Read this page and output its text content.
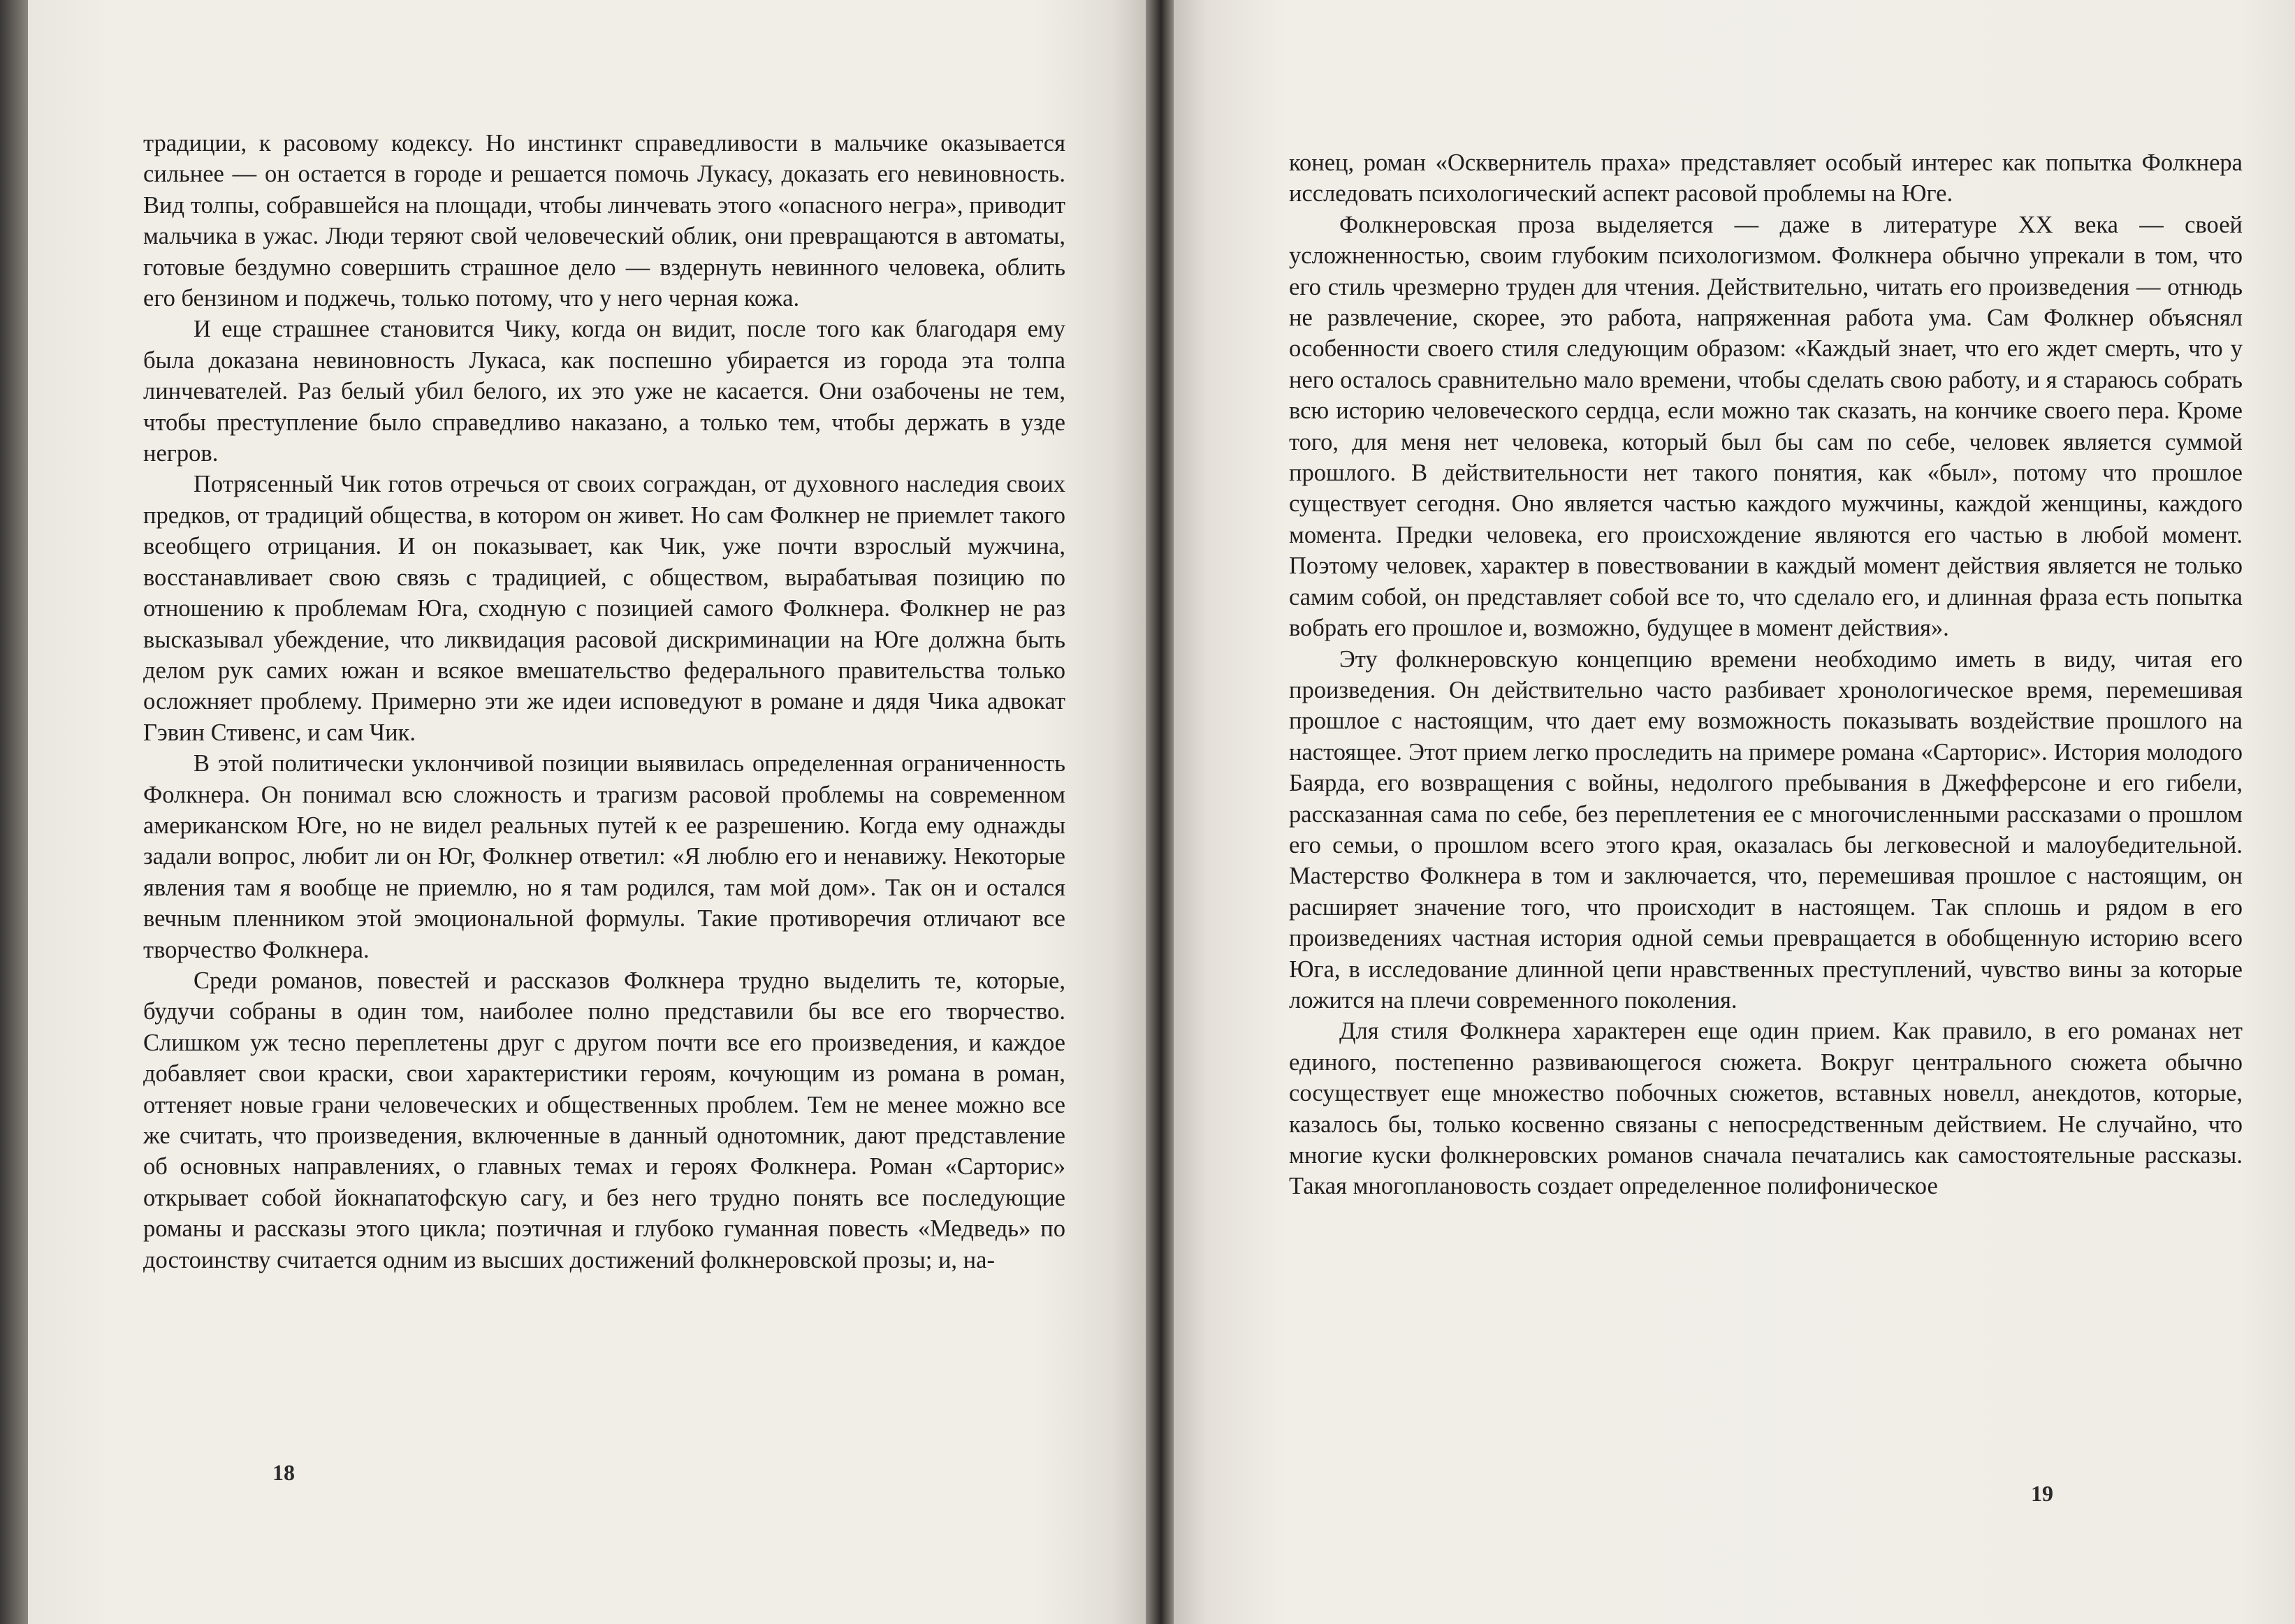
традиции, к расовому кодексу. Но инстинкт справедливости в мальчике оказывается сильнее — он остается в городе и решается помочь Лукасу, доказать его невиновность. Вид толпы, собравшейся на площади, чтобы линчевать этого «опасного негра», приводит мальчика в ужас. Люди теряют свой человеческий облик, они превращаются в автоматы, готовые бездумно совершить страшное дело — вздернуть невинного человека, облить его бензином и поджечь, только потому, что у него черная кожа.

И еще страшнее становится Чику, когда он видит, после того как благодаря ему была доказана невиновность Лукаса, как поспешно убирается из города эта толпа линчевателей. Раз белый убил белого, их это уже не касается. Они озабочены не тем, чтобы преступление было справедливо наказано, а только тем, чтобы держать в узде негров.

Потрясенный Чик готов отречься от своих сограждан, от духовного наследия своих предков, от традиций общества, в котором он живет. Но сам Фолкнер не приемлет такого всеобщего отрицания. И он показывает, как Чик, уже почти взрослый мужчина, восстанавливает свою связь с традицией, с обществом, вырабатывая позицию по отношению к проблемам Юга, сходную с позицией самого Фолкнера. Фолкнер не раз высказывал убеждение, что ликвидация расовой дискриминации на Юге должна быть делом рук самих южан и всякое вмешательство федерального правительства только осложняет проблему. Примерно эти же идеи исповедуют в романе и дядя Чика адвокат Гэвин Стивенс, и сам Чик.

В этой политически уклончивой позиции выявилась определенная ограниченность Фолкнера. Он понимал всю сложность и трагизм расовой проблемы на современном американском Юге, но не видел реальных путей к ее разрешению. Когда ему однажды задали вопрос, любит ли он Юг, Фолкнер ответил: «Я люблю его и ненавижу. Некоторые явления там я вообще не приемлю, но я там родился, там мой дом». Так он и остался вечным пленником этой эмоциональной формулы. Такие противоречия отличают все творчество Фолкнера.

Среди романов, повестей и рассказов Фолкнера трудно выделить те, которые, будучи собраны в один том, наиболее полно представили бы все его творчество. Слишком уж тесно переплетены друг с другом почти все его произведения, и каждое добавляет свои краски, свои характеристики героям, кочующим из романа в роман, оттеняет новые грани человеческих и общественных проблем. Тем не менее можно все же считать, что произведения, включенные в данный однотомник, дают представление об основных направлениях, о главных темах и героях Фолкнера. Роман «Сарторис» открывает собой йокнапатофскую сагу, и без него трудно понять все последующие романы и рассказы этого цикла; поэтичная и глубоко гуманная повесть «Медведь» по достоинству считается одним из высших достижений фолкнеровской прозы; и, на-

18

конец, роман «Осквернитель праха» представляет особый интерес как попытка Фолкнера исследовать психологический аспект расовой проблемы на Юге.

Фолкнеровская проза выделяется — даже в литературе XX века — своей усложненностью, своим глубоким психологизмом. Фолкнера обычно упрекали в том, что его стиль чрезмерно труден для чтения. Действительно, читать его произведения — отнюдь не развлечение, скорее, это работа, напряженная работа ума. Сам Фолкнер объяснял особенности своего стиля следующим образом: «Каждый знает, что его ждет смерть, что у него осталось сравнительно мало времени, чтобы сделать свою работу, и я стараюсь собрать всю историю человеческого сердца, если можно так сказать, на кончике своего пера. Кроме того, для меня нет человека, который был бы сам по себе, человек является суммой прошлого. В действительности нет такого понятия, как «был», потому что прошлое существует сегодня. Оно является частью каждого мужчины, каждой женщины, каждого момента. Предки человека, его происхождение являются его частью в любой момент. Поэтому человек, характер в повествовании в каждый момент действия является не только самим собой, он представляет собой все то, что сделало его, и длинная фраза есть попытка вобрать его прошлое и, возможно, будущее в момент действия».

Эту фолкнеровскую концепцию времени необходимо иметь в виду, читая его произведения. Он действительно часто разбивает хронологическое время, перемешивая прошлое с настоящим, что дает ему возможность показывать воздействие прошлого на настоящее. Этот прием легко проследить на примере романа «Сарторис». История молодого Баярда, его возвращения с войны, недолгого пребывания в Джефферсоне и его гибели, рассказанная сама по себе, без переплетения ее с многочисленными рассказами о прошлом его семьи, о прошлом всего этого края, оказалась бы легковесной и малоубедительной. Мастерство Фолкнера в том и заключается, что, перемешивая прошлое с настоящим, он расширяет значение того, что происходит в настоящем. Так сплошь и рядом в его произведениях частная история одной семьи превращается в обобщенную историю всего Юга, в исследование длинной цепи нравственных преступлений, чувство вины за которые ложится на плечи современного поколения.

Для стиля Фолкнера характерен еще один прием. Как правило, в его романах нет единого, постепенно развивающегося сюжета. Вокруг центрального сюжета обычно сосуществует еще множество побочных сюжетов, вставных новелл, анекдотов, которые, казалось бы, только косвенно связаны с непосредственным действием. Не случайно, что многие куски фолкнеровских романов сначала печатались как самостоятельные рассказы. Такая многоплановость создает определенное полифоническое

19
